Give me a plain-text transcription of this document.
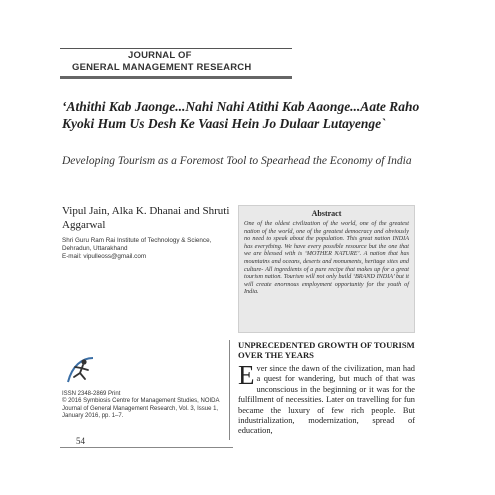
JOURNAL OF
GENERAL MANAGEMENT RESEARCH
‘Athithi Kab Jaonge...Nahi Nahi Atithi Kab Aaonge...Aate Raho Kyoki Hum Us Desh Ke Vaasi Hein Jo Dulaar Lutayenge`
Developing Tourism as a Foremost Tool to Spearhead the Economy of India
Vipul Jain, Alka K. Dhanai and Shruti Aggarwal
Shri Guru Ram Rai Institute of Technology & Science,
Dehradun, Uttarakhand
E-mail: vipulleoss@gmail.com
Abstract
One of the oldest civilization of the world, one of the greatest nation of the world, one of the greatest democracy and obviously no need to speak about the population. This great nation INDIA has everything. We have every possible resource but the one that we are blessed with is ‘MOTHER NATURE’. A nation that has mountains and oceans, deserts and monuments, heritage sites and culture- All ingredients of a pure recipe that makes up for a great tourism nation. Tourism will not only build ‘BRAND INDIA’ but it will create enormous employment opportunity for the youth of India.
UNPRECEDENTED GROWTH OF TOURISM OVER THE YEARS
Ever since the dawn of the civilization, man had a quest for wandering, but much of that was unconscious in the beginning or it was for the fulfillment of necessities. Later on travelling for fun became the luxury of few rich people. But industrialization, modernization, spread of education,
ISSN 2348-2869 Print
© 2016 Symbiosis Centre for Management Studies, NOIDA
Journal of General Management Research, Vol. 3, Issue 1, January 2016, pp. 1–7.
54
